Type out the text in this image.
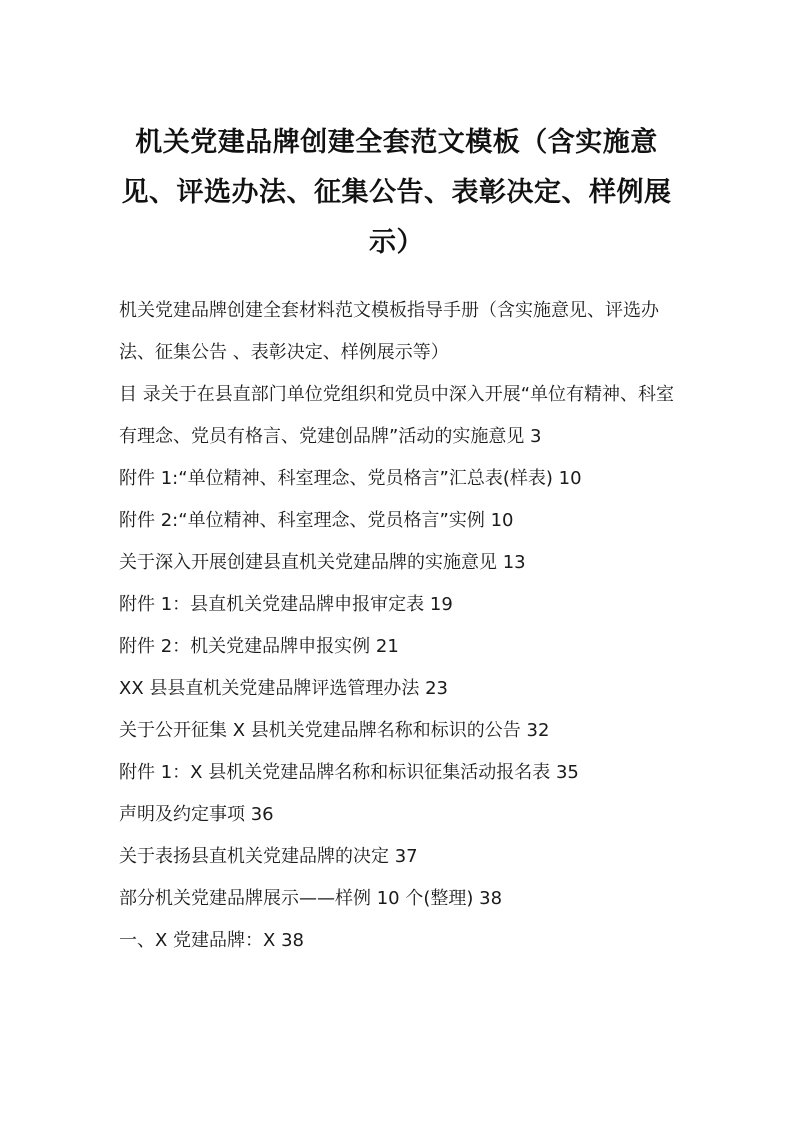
机关党建品牌创建全套范文模板（含实施意见、评选办法、征集公告、表彰决定、样例展示）

机关党建品牌创建全套材料范文模板指导手册（含实施意见、评选办法、征集公告 、表彰决定、样例展示等）

目 录关于在县直部门单位党组织和党员中深入开展“单位有精神、科室有理念、党员有格言、党建创品牌”活动的实施意见 3

附件 1:“单位精神、科室理念、党员格言”汇总表(样表) 10

附件 2:“单位精神、科室理念、党员格言”实例 10

关于深入开展创建县直机关党建品牌的实施意见 13

附件 1：县直机关党建品牌申报审定表 19

附件 2：机关党建品牌申报实例 21

XX 县县直机关党建品牌评选管理办法 23

关于公开征集 X 县机关党建品牌名称和标识的公告 32

附件 1：X 县机关党建品牌名称和标识征集活动报名表 35

声明及约定事项 36

关于表扬县直机关党建品牌的决定 37

部分机关党建品牌展示——样例 10 个(整理) 38

一、X 党建品牌：X 38
